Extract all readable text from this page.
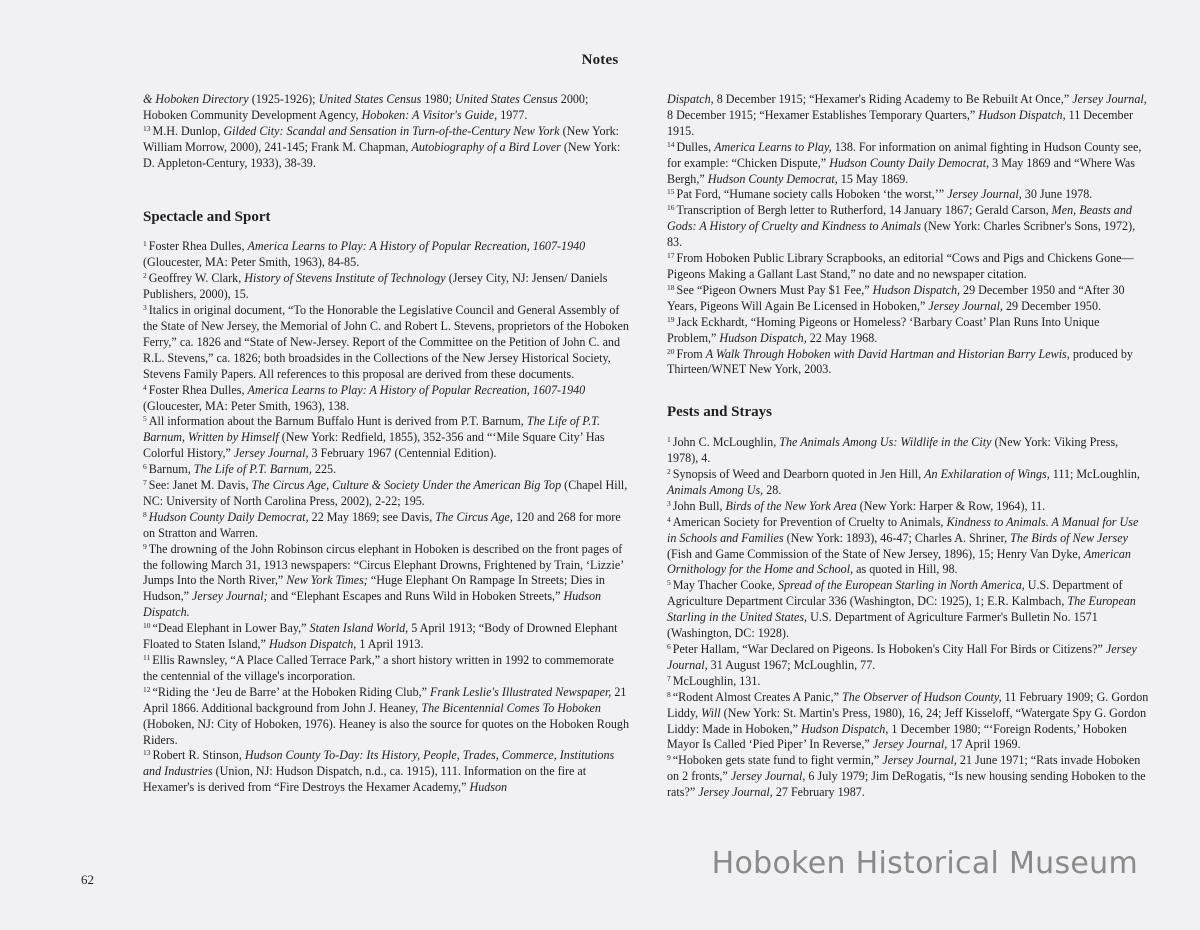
Notes

& Hoboken Directory (1925-1926); United States Census 1980; United States Census 2000; Hoboken Community Development Agency, Hoboken: A Visitor's Guide, 1977.

$^{13}$ M.H. Dunlop, Gilded City: Scandal and Sensation in Turn-of-the-Century New York (New York: William Morrow, 2000), 241-145; Frank M. Chapman, Autobiography of a Bird Lover (New York: D. Appleton-Century, 1933), 38-39.

Spectacle and Sport

$^1$ Foster Rhea Dulles, America Learns to Play: A History of Popular Recreation, 1607-1940 (Gloucester, MA: Peter Smith, 1963), 84-85.

$^2$ Geoffrey W. Clark, History of Stevens Institute of Technology (Jersey City, NJ: Jensen/ Daniels Publishers, 2000), 15.

$^3$ Italics in original document, “To the Honorable the Legislative Council and General Assembly of the State of New Jersey, the Memorial of John C. and Robert L. Stevens, proprietors of the Hoboken Ferry,” ca. 1826 and “State of New-Jersey. Report of the Committee on the Petition of John C. and R.L. Stevens,” ca. 1826; both broadsides in the Collections of the New Jersey Historical Society, Stevens Family Papers. All references to this proposal are derived from these documents.

$^4$ Foster Rhea Dulles, America Learns to Play: A History of Popular Recreation, 1607-1940 (Gloucester, MA: Peter Smith, 1963), 138.

$^5$ All information about the Barnum Buffalo Hunt is derived from P.T. Barnum, The Life of P.T. Barnum, Written by Himself (New York: Redfield, 1855), 352-356 and “‘Mile Square City’ Has Colorful History,” Jersey Journal, 3 February 1967 (Centennial Edition).

$^6$ Barnum, The Life of P.T. Barnum, 225.

$^7$ See: Janet M. Davis, The Circus Age, Culture & Society Under the American Big Top (Chapel Hill, NC: University of North Carolina Press, 2002), 2-22; 195.

$^8$ Hudson County Daily Democrat, 22 May 1869; see Davis, The Circus Age, 120 and 268 for more on Stratton and Warren.

$^9$ The drowning of the John Robinson circus elephant in Hoboken is described on the front pages of the following March 31, 1913 newspapers: “Circus Elephant Drowns, Frightened by Train, ‘Lizzie’ Jumps Into the North River,” New York Times; “Huge Elephant On Rampage In Streets; Dies in Hudson,” Jersey Journal; and “Elephant Escapes and Runs Wild in Hoboken Streets,” Hudson Dispatch.

$^{10}$ “Dead Elephant in Lower Bay,” Staten Island World, 5 April 1913; “Body of Drowned Elephant Floated to Staten Island,” Hudson Dispatch, 1 April 1913.

$^{11}$ Ellis Rawnsley, “A Place Called Terrace Park,” a short history written in 1992 to commemorate the centennial of the village's incorporation.

$^{12}$ “Riding the ‘Jeu de Barre’ at the Hoboken Riding Club,” Frank Leslie's Illustrated Newspaper, 21 April 1866. Additional background from John J. Heaney, The Bicentennial Comes To Hoboken (Hoboken, NJ: City of Hoboken, 1976). Heaney is also the source for quotes on the Hoboken Rough Riders.

$^{13}$ Robert R. Stinson, Hudson County To-Day: Its History, People, Trades, Commerce, Institutions and Industries (Union, NJ: Hudson Dispatch, n.d., ca. 1915), 111. Information on the fire at Hexamer's is derived from “Fire Destroys the Hexamer Academy,” Hudson

Dispatch, 8 December 1915; “Hexamer's Riding Academy to Be Rebuilt At Once,” Jersey Journal, 8 December 1915; “Hexamer Establishes Temporary Quarters,” Hudson Dispatch, 11 December 1915.

$^{14}$ Dulles, America Learns to Play, 138. For information on animal fighting in Hudson County see, for example: “Chicken Dispute,” Hudson County Daily Democrat, 3 May 1869 and “Where Was Bergh,” Hudson County Democrat, 15 May 1869.

$^{15}$ Pat Ford, “Humane society calls Hoboken ‘the worst,’” Jersey Journal, 30 June 1978.

$^{16}$ Transcription of Bergh letter to Rutherford, 14 January 1867; Gerald Carson, Men, Beasts and Gods: A History of Cruelty and Kindness to Animals (New York: Charles Scribner's Sons, 1972), 83.

$^{17}$ From Hoboken Public Library Scrapbooks, an editorial “Cows and Pigs and Chickens Gone—Pigeons Making a Gallant Last Stand,” no date and no newspaper citation.

$^{18}$ See “Pigeon Owners Must Pay $1 Fee,” Hudson Dispatch, 29 December 1950 and “After 30 Years, Pigeons Will Again Be Licensed in Hoboken,” Jersey Journal, 29 December 1950.

$^{19}$ Jack Eckhardt, “Homing Pigeons or Homeless? ‘Barbary Coast’ Plan Runs Into Unique Problem,” Hudson Dispatch, 22 May 1968.

$^{20}$ From A Walk Through Hoboken with David Hartman and Historian Barry Lewis, produced by Thirteen/WNET New York, 2003.

Pests and Strays

$^1$ John C. McLoughlin, The Animals Among Us: Wildlife in the City (New York: Viking Press, 1978), 4.

$^2$ Synopsis of Weed and Dearborn quoted in Jen Hill, An Exhilaration of Wings, 111; McLoughlin, Animals Among Us, 28.

$^3$ John Bull, Birds of the New York Area (New York: Harper & Row, 1964), 11.

$^4$ American Society for Prevention of Cruelty to Animals, Kindness to Animals. A Manual for Use in Schools and Families (New York: 1893), 46-47; Charles A. Shriner, The Birds of New Jersey (Fish and Game Commission of the State of New Jersey, 1896), 15; Henry Van Dyke, American Ornithology for the Home and School, as quoted in Hill, 98.

$^5$ May Thacher Cooke, Spread of the European Starling in North America, U.S. Department of Agriculture Department Circular 336 (Washington, DC: 1925), 1; E.R. Kalmbach, The European Starling in the United States, U.S. Department of Agriculture Farmer's Bulletin No. 1571 (Washington, DC: 1928).

$^6$ Peter Hallam, “War Declared on Pigeons. Is Hoboken's City Hall For Birds or Citizens?” Jersey Journal, 31 August 1967; McLoughlin, 77.

$^7$ McLoughlin, 131.

$^8$ “Rodent Almost Creates A Panic,” The Observer of Hudson County, 11 February 1909; G. Gordon Liddy, Will (New York: St. Martin's Press, 1980), 16, 24; Jeff Kisseloff, “Watergate Spy G. Gordon Liddy: Made in Hoboken,” Hudson Dispatch, 1 December 1980; “‘Foreign Rodents,’ Hoboken Mayor Is Called ‘Pied Piper’ In Reverse,” Jersey Journal, 17 April 1969.

$^9$ “Hoboken gets state fund to fight vermin,” Jersey Journal, 21 June 1971; “Rats invade Hoboken on 2 fronts,” Jersey Journal, 6 July 1979; Jim DeRogatis, “Is new housing sending Hoboken to the rats?” Jersey Journal, 27 February 1987.

62	Hoboken Historical Museum
